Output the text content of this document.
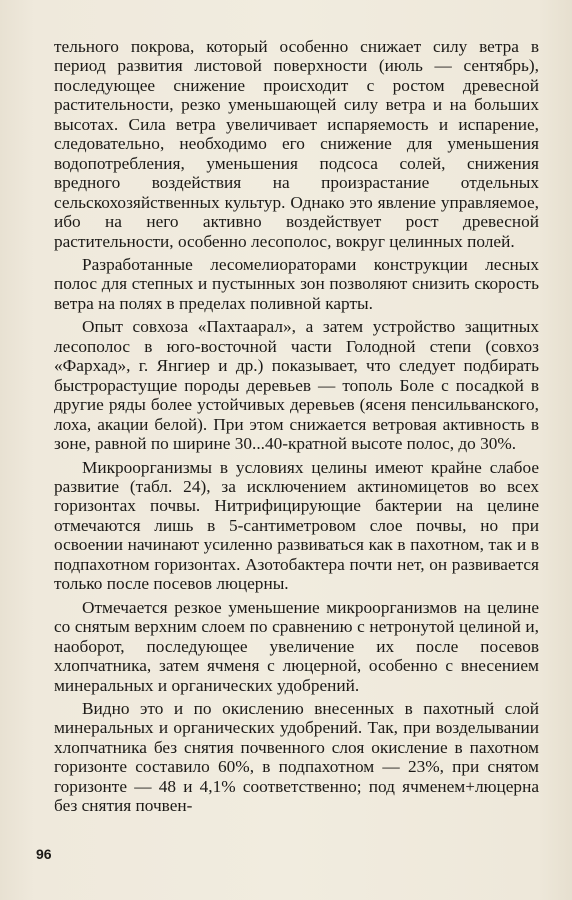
тельного покрова, который особенно снижает силу ветра в период развития листовой поверхности (июль — сентябрь), последующее снижение происходит с ростом древесной растительности, резко уменьшающей силу ветра и на больших высотах. Сила ветра увеличивает испаряемость и испарение, следовательно, необходимо его снижение для уменьшения водопотребления, уменьшения подсоса солей, снижения вредного воздействия на произрастание отдельных сельскохозяйственных культур. Однако это явление управляемое, ибо на него активно воздействует рост древесной растительности, особенно лесополос, вокруг целинных полей.

Разработанные лесомелиораторами конструкции лесных полос для степных и пустынных зон позволяют снизить скорость ветра на полях в пределах поливной карты.

Опыт совхоза «Пахтаарал», а затем устройство защитных лесополос в юго-восточной части Голодной степи (совхоз «Фархад», г. Янгиер и др.) показывает, что следует подбирать быстрорастущие породы деревьев — тополь Боле с посадкой в другие ряды более устойчивых деревьев (ясеня пенсильванского, лоха, акации белой). При этом снижается ветровая активность в зоне, равной по ширине 30...40-кратной высоте полос, до 30%.

Микроорганизмы в условиях целины имеют крайне слабое развитие (табл. 24), за исключением актиномицетов во всех горизонтах почвы. Нитрифицирующие бактерии на целине отмечаются лишь в 5-сантиметровом слое почвы, но при освоении начинают усиленно развиваться как в пахотном, так и в подпахотном горизонтах. Азотобактера почти нет, он развивается только после посевов люцерны.

Отмечается резкое уменьшение микроорганизмов на целине со снятым верхним слоем по сравнению с нетронутой целиной и, наоборот, последующее увеличение их после посевов хлопчатника, затем ячменя с люцерной, особенно с внесением минеральных и органических удобрений.

Видно это и по окислению внесенных в пахотный слой минеральных и органических удобрений. Так, при возделывании хлопчатника без снятия почвенного слоя окисление в пахотном горизонте составило 60%, в подпахотном — 23%, при снятом горизонте — 48 и 4,1% соответственно; под ячменем+люцерна без снятия почвен-

96
